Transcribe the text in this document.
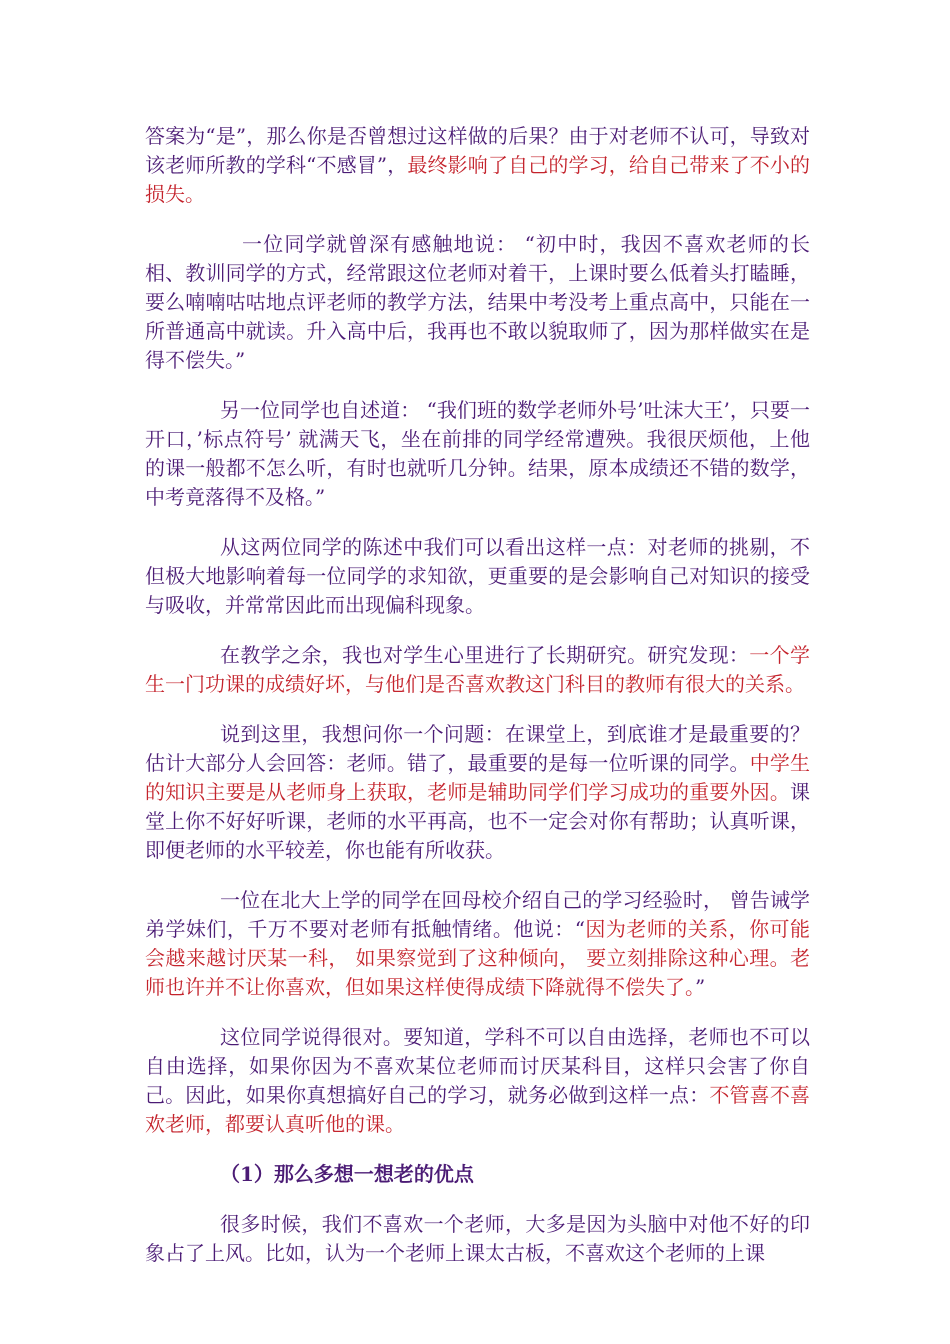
答案为“是”，那么你是否曾想过这样做的后果？由于对老师不认可，导致对该老师所教的学科“不感冒”，最终影响了自己的学习，给自己带来了不小的损失。

一位同学就曾深有感触地说： “初中时，我因不喜欢老师的长相、教训同学的方式，经常跟这位老师对着干，上课时要么低着头打瞌睡，要么喃喃咕咕地点评老师的教学方法，结果中考没考上重点高中，只能在一所普通高中就读。升入高中后，我再也不敢以貌取师了，因为那样做实在是得不偿失。”

另一位同学也自述道： “我们班的数学老师外号’吐沫大王’，只要一开口，’标点符号’ 就满天飞，坐在前排的同学经常遭殃。我很厌烦他，上他的课一般都不怎么听，有时也就听几分钟。结果，原本成绩还不错的数学，中考竟落得不及格。”

从这两位同学的陈述中我们可以看出这样一点：对老师的挑剔，不但极大地影响着每一位同学的求知欲，更重要的是会影响自己对知识的接受与吸收，并常常因此而出现偏科现象。

在教学之余，我也对学生心里进行了长期研究。研究发现：一个学生一门功课的成绩好坏，与他们是否喜欢教这门科目的教师有很大的关系。

说到这里，我想问你一个问题：在课堂上，到底谁才是最重要的？估计大部分人会回答：老师。错了，最重要的是每一位听课的同学。中学生的知识主要是从老师身上获取，老师是辅助同学们学习成功的重要外因。课堂上你不好好听课，老师的水平再高，也不一定会对你有帮助；认真听课，即便老师的水平较差，你也能有所收获。

一位在北大上学的同学在回母校介绍自己的学习经验时， 曾告诫学弟学妹们，千万不要对老师有抵触情绪。他说：“因为老师的关系，你可能会越来越讨厌某一科， 如果察觉到了这种倾向， 要立刻排除这种心理。老师也许并不让你喜欢，但如果这样使得成绩下降就得不偿失了。”

这位同学说得很对。要知道，学科不可以自由选择，老师也不可以自由选择，如果你因为不喜欢某位老师而讨厌某科目，这样只会害了你自己。因此，如果你真想搞好自己的学习，就务必做到这样一点：不管喜不喜欢老师，都要认真听他的课。

（1）那么多想一想老的优点

很多时候，我们不喜欢一个老师，大多是因为头脑中对他不好的印象占了上风。比如，认为一个老师上课太古板，不喜欢这个老师的上课
